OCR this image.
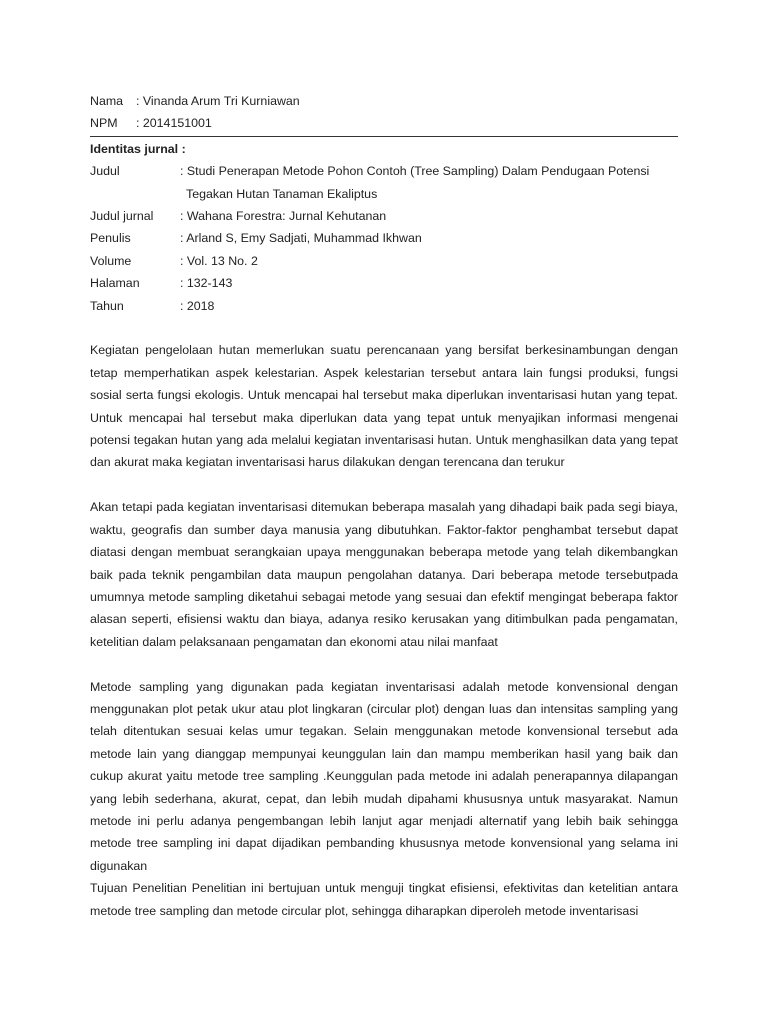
Nama	: Vinanda Arum Tri Kurniawan
NPM	: 2014151001
Identitas jurnal :
Judul	: Studi Penerapan Metode Pohon Contoh (Tree Sampling) Dalam Pendugaan Potensi
Tegakan Hutan Tanaman Ekaliptus
Judul jurnal	: Wahana Forestra: Jurnal Kehutanan
Penulis	: Arland S, Emy Sadjati, Muhammad Ikhwan
Volume	: Vol. 13 No. 2
Halaman	: 132-143
Tahun	: 2018

Kegiatan pengelolaan hutan memerlukan suatu perencanaan yang bersifat berkesinambungan dengan tetap memperhatikan aspek kelestarian. Aspek kelestarian tersebut antara lain fungsi produksi, fungsi sosial serta fungsi ekologis. Untuk mencapai hal tersebut maka diperlukan inventarisasi hutan yang tepat. Untuk mencapai hal tersebut maka diperlukan data yang tepat untuk menyajikan informasi mengenai potensi tegakan hutan yang ada melalui kegiatan inventarisasi hutan. Untuk menghasilkan data yang tepat dan akurat maka kegiatan inventarisasi harus dilakukan dengan terencana dan terukur

Akan tetapi pada kegiatan inventarisasi ditemukan beberapa masalah yang dihadapi baik pada segi biaya, waktu, geografis dan sumber daya manusia yang dibutuhkan. Faktor-faktor penghambat tersebut dapat diatasi dengan membuat serangkaian upaya menggunakan beberapa metode yang telah dikembangkan baik pada teknik pengambilan data maupun pengolahan datanya. Dari beberapa metode tersebutpada umumnya metode sampling diketahui sebagai metode yang sesuai dan efektif mengingat beberapa faktor alasan seperti, efisiensi waktu dan biaya, adanya resiko kerusakan yang ditimbulkan pada pengamatan, ketelitian dalam pelaksanaan pengamatan dan ekonomi atau nilai manfaat

Metode sampling yang digunakan pada kegiatan inventarisasi adalah metode konvensional dengan menggunakan plot petak ukur atau plot lingkaran (circular plot) dengan luas dan intensitas sampling yang telah ditentukan sesuai kelas umur tegakan. Selain menggunakan metode konvensional tersebut ada metode lain yang dianggap mempunyai keunggulan lain dan mampu memberikan hasil yang baik dan cukup akurat yaitu metode tree sampling .Keunggulan pada metode ini adalah penerapannya dilapangan yang lebih sederhana, akurat, cepat, dan lebih mudah dipahami khususnya untuk masyarakat. Namun metode ini perlu adanya pengembangan lebih lanjut agar menjadi alternatif yang lebih baik sehingga metode tree sampling ini dapat dijadikan pembanding khususnya metode konvensional yang selama ini digunakan

Tujuan Penelitian Penelitian ini bertujuan untuk menguji tingkat efisiensi, efektivitas dan ketelitian antara metode tree sampling dan metode circular plot, sehingga diharapkan diperoleh metode inventarisasi
